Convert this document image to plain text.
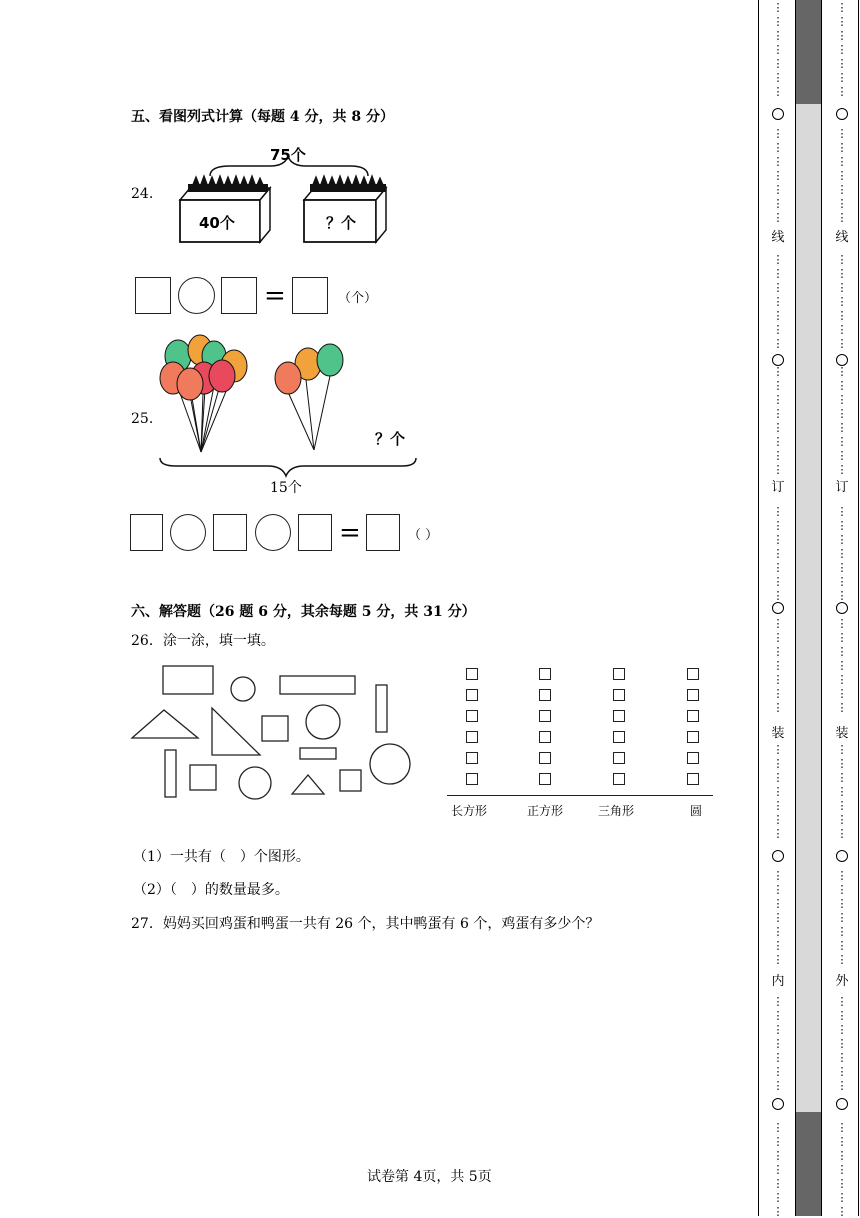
五、看图列式计算（每题 4 分，共 8 分）
24.
75个
40个	？个
=	（个）
25.
？个
15个
=	（ ）
六、解答题（26 题 6 分，其余每题 5 分，共 31 分）
26．涂一涂，填一填。
长方形	正方形	三角形	圆
（1）一共有（　）个图形。
（2）（　）的数量最多。
27．妈妈买回鸡蛋和鸭蛋一共有 26 个，其中鸭蛋有 6 个，鸡蛋有多少个？
试卷第 4页，共 5页
⋮
⋮
⋮
⋮
⋮
⋮
⋮
⋮
⋮
⋮
⋮
⋮
⋮
⋮
⋮
⋮
⋮
⋮
⋮
⋮
⋮
⋮
⋮
⋮
⋮
⋮
⋮
⋮
⋮
⋮
⋮
⋮
⋮
⋮
⋮
⋮
⋮
⋮
⋮
⋮
⋮
⋮
⋮
⋮
⋮
⋮
⋮
⋮
⋮
⋮
⋮
⋮
⋮
⋮
⋮
⋮
⋮
⋮
⋮
⋮
⋮
⋮
⋮
⋮
⋮
⋮
⋮
⋮
⋮
⋮
⋮
⋮
⋮
⋮
⋮
⋮
⋮
⋮
⋮
⋮
⋮
⋮
⋮
⋮
⋮
⋮
⋮
⋮
⋮
⋮
⋮
⋮
⋮
⋮
⋮
⋮
⋮
⋮
⋮
⋮
⋮
⋮
⋮
⋮
⋮
⋮
⋮
⋮
⋮
⋮
⋮
⋮
⋮
⋮
⋮
⋮
⋮
⋮
⋮
⋮
⋮
⋮
⋮
⋮
⋮
⋮
⋮
⋮
⋮
⋮
⋮
⋮
⋮
⋮
⋮
⋮
⋮
⋮
⋮
⋮
⋮
⋮
线
订
装
内
线
订
装
外
